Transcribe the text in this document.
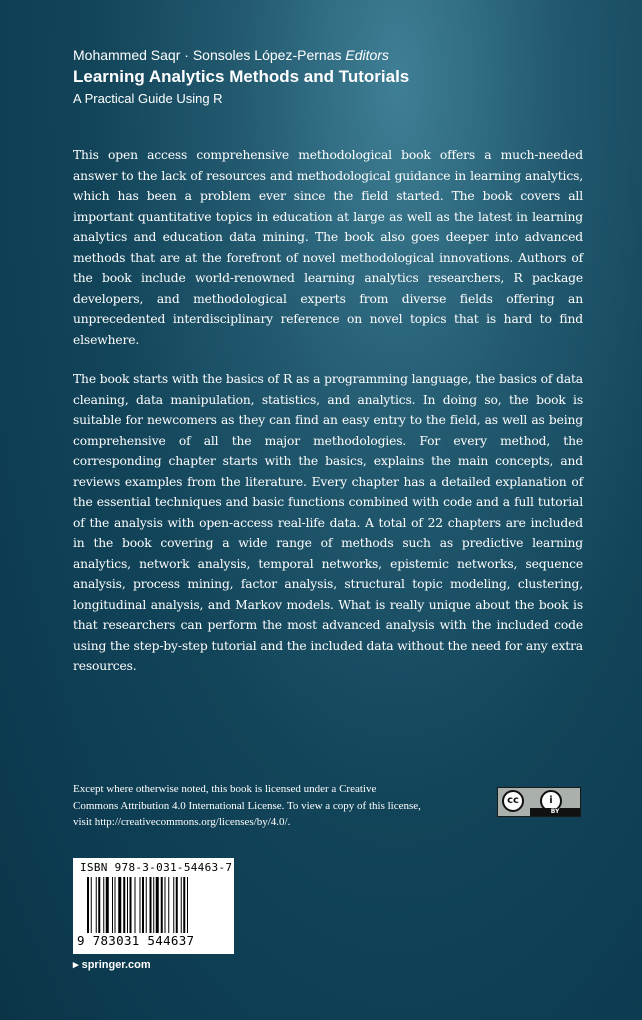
Mohammed Saqr · Sonsoles López-Pernas Editors
Learning Analytics Methods and Tutorials
A Practical Guide Using R

This open access comprehensive methodological book offers a much-needed answer to the lack of resources and methodological guidance in learning analytics, which has been a problem ever since the field started. The book covers all important quantitative topics in education at large as well as the latest in learning analytics and education data mining. The book also goes deeper into advanced methods that are at the forefront of novel methodological innovations. Authors of the book include world-renowned learning analytics researchers, R package developers, and methodological experts from diverse fields offering an unprecedented interdisciplinary reference on novel topics that is hard to find elsewhere.

The book starts with the basics of R as a programming language, the basics of data cleaning, data manipulation, statistics, and analytics. In doing so, the book is suitable for newcomers as they can find an easy entry to the field, as well as being comprehensive of all the major methodologies. For every method, the corresponding chapter starts with the basics, explains the main concepts, and reviews examples from the literature. Every chapter has a detailed explanation of the essential techniques and basic functions combined with code and a full tutorial of the analysis with open-access real-life data. A total of 22 chapters are included in the book covering a wide range of methods such as predictive learning analytics, network analysis, temporal networks, epistemic networks, sequence analysis, process mining, factor analysis, structural topic modeling, clustering, longitudinal analysis, and Markov models. What is really unique about the book is that researchers can perform the most advanced analysis with the included code using the step-by-step tutorial and the included data without the need for any extra resources.

Except where otherwise noted, this book is licensed under a Creative Commons Attribution 4.0 International License. To view a copy of this license, visit http://creativecommons.org/licenses/by/4.0/.
cc	i
BY
ISBN 978-3-031-54463-7
9 783031 544637
▸ springer.com
